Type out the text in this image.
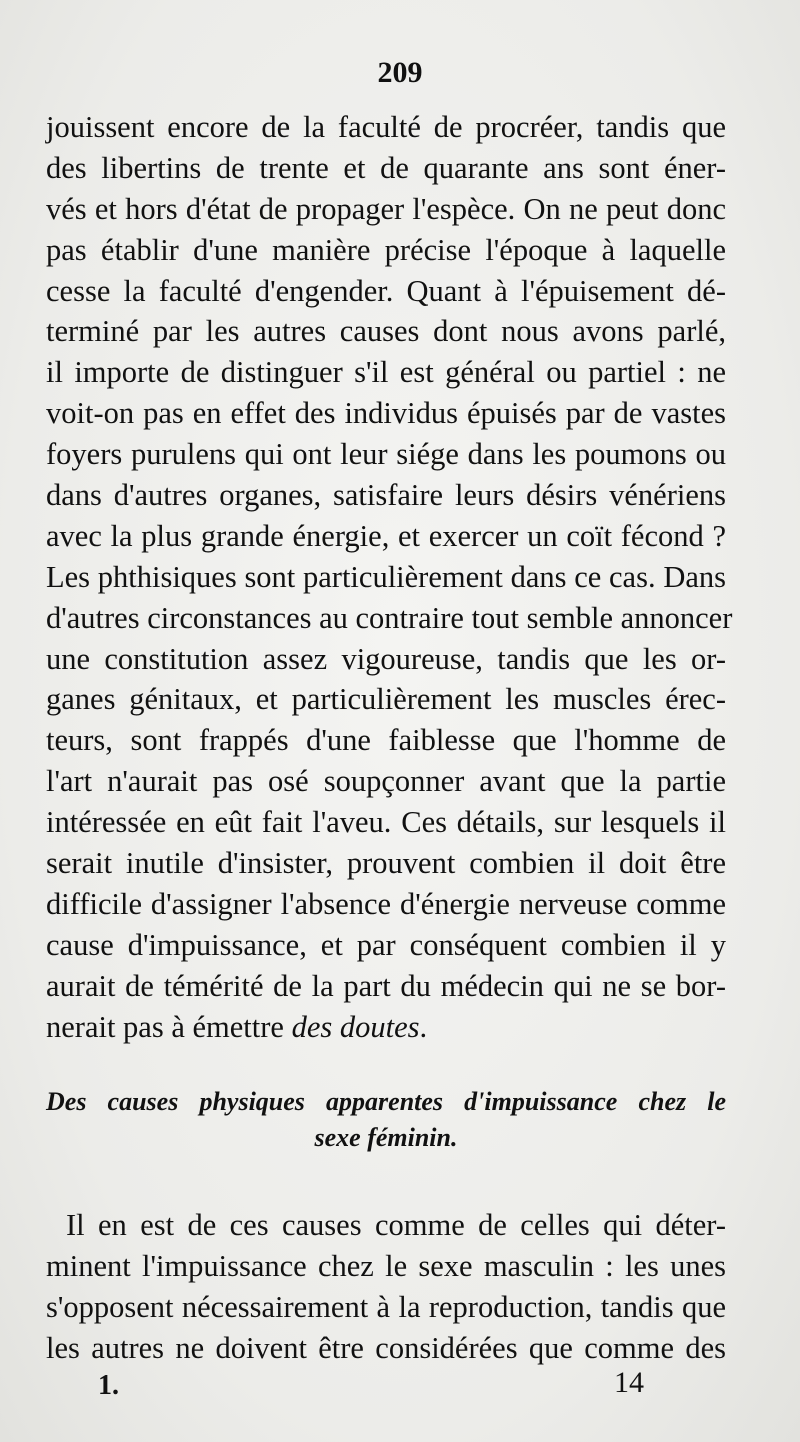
209
jouissent encore de la faculté de procréer, tandis que
des libertins de trente et de quarante ans sont éner-
vés et hors d'état de propager l'espèce. On ne peut donc
pas établir d'une manière précise l'époque à laquelle
cesse la faculté d'engender. Quant à l'épuisement dé-
terminé par les autres causes dont nous avons parlé,
il importe de distinguer s'il est général ou partiel : ne
voit-on pas en effet des individus épuisés par de vastes
foyers purulens qui ont leur siége dans les poumons ou
dans d'autres organes, satisfaire leurs désirs vénériens
avec la plus grande énergie, et exercer un coït fécond ?
Les phthisiques sont particulièrement dans ce cas. Dans
d'autres circonstances au contraire tout semble annoncer
une constitution assez vigoureuse, tandis que les or-
ganes génitaux, et particulièrement les muscles érec-
teurs, sont frappés d'une faiblesse que l'homme de
l'art n'aurait pas osé soupçonner avant que la partie
intéressée en eût fait l'aveu. Ces détails, sur lesquels il
serait inutile d'insister, prouvent combien il doit être
difficile d'assigner l'absence d'énergie nerveuse comme
cause d'impuissance, et par conséquent combien il y
aurait de témérité de la part du médecin qui ne se bor-
nerait pas à émettre des doutes.
Des causes physiques apparentes d'impuissance chez le
sexe féminin.
Il en est de ces causes comme de celles qui déter-
minent l'impuissance chez le sexe masculin : les unes
s'opposent nécessairement à la reproduction, tandis que
les autres ne doivent être considérées que comme des
1.	14
